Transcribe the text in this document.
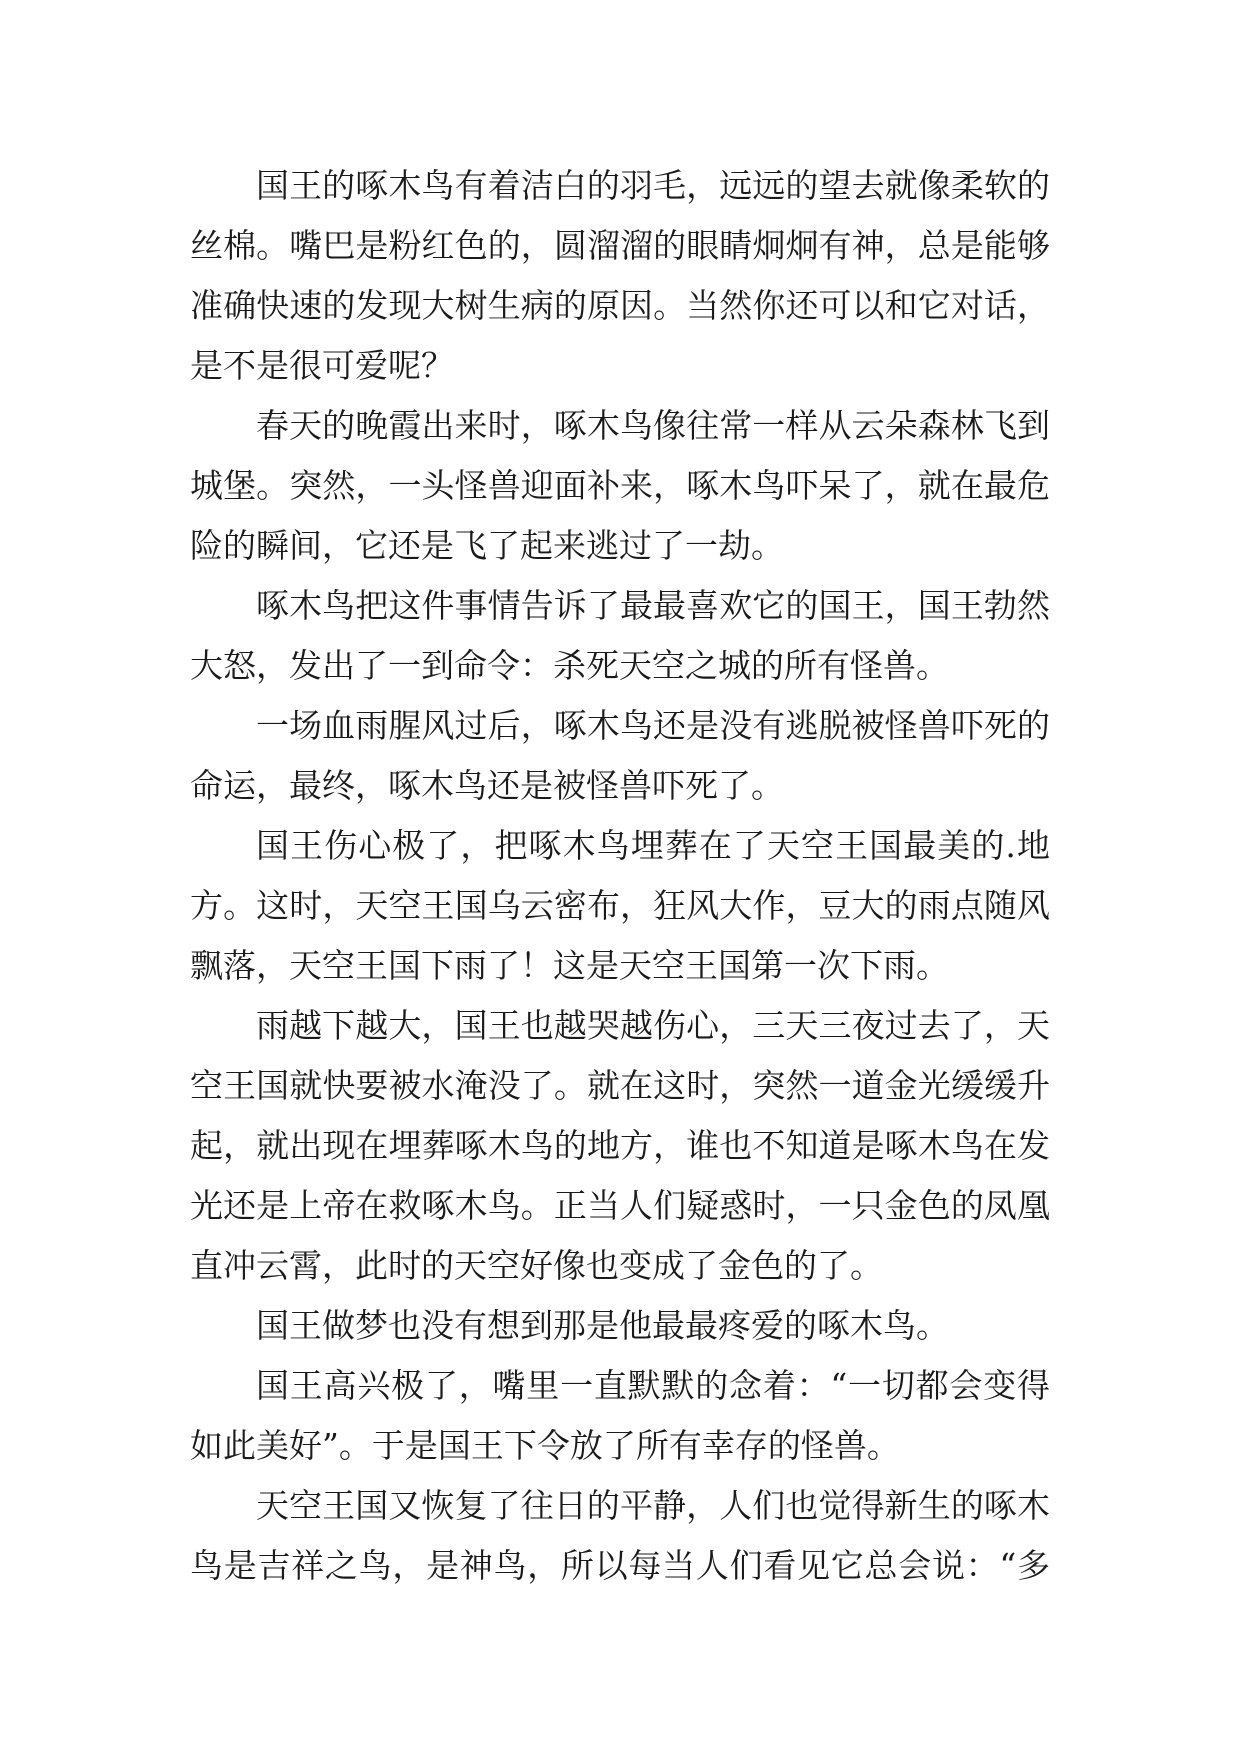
国王的啄木鸟有着洁白的羽毛，远远的望去就像柔软的
丝棉。嘴巴是粉红色的，圆溜溜的眼睛炯炯有神，总是能够
准确快速的发现大树生病的原因。当然你还可以和它对话，
是不是很可爱呢？
春天的晚霞出来时，啄木鸟像往常一样从云朵森林飞到
城堡。突然，一头怪兽迎面补来，啄木鸟吓呆了，就在最危
险的瞬间，它还是飞了起来逃过了一劫。
啄木鸟把这件事情告诉了最最喜欢它的国王，国王勃然
大怒，发出了一到命令：杀死天空之城的所有怪兽。
一场血雨腥风过后，啄木鸟还是没有逃脱被怪兽吓死的
命运，最终，啄木鸟还是被怪兽吓死了。
国王伤心极了，把啄木鸟埋葬在了天空王国最美的.地
方。这时，天空王国乌云密布，狂风大作，豆大的雨点随风
飘落，天空王国下雨了！这是天空王国第一次下雨。
雨越下越大，国王也越哭越伤心，三天三夜过去了，天
空王国就快要被水淹没了。就在这时，突然一道金光缓缓升
起，就出现在埋葬啄木鸟的地方，谁也不知道是啄木鸟在发
光还是上帝在救啄木鸟。正当人们疑惑时，一只金色的凤凰
直冲云霄，此时的天空好像也变成了金色的了。
国王做梦也没有想到那是他最最疼爱的啄木鸟。
国王高兴极了，嘴里一直默默的念着：“一切都会变得
如此美好”。于是国王下令放了所有幸存的怪兽。
天空王国又恢复了往日的平静，人们也觉得新生的啄木
鸟是吉祥之鸟，是神鸟，所以每当人们看见它总会说：“多
